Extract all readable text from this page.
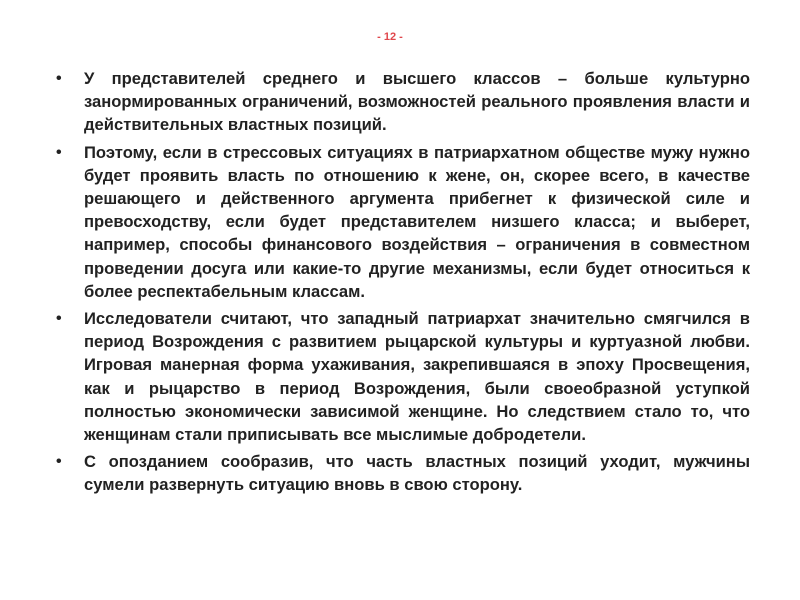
- 12 -
• У представителей среднего и высшего классов – больше культурно занормированных ограничений, возможностей реального проявления власти и действительных властных позиций.
• Поэтому, если в стрессовых ситуациях в патриархатном обществе мужу нужно будет проявить власть по отношению к жене, он, скорее всего, в качестве решающего и действенного аргумента прибегнет к физической силе и превосходству, если будет представителем низшего класса; и выберет, например, способы финансового воздействия – ограничения в совместном проведении досуга или какие-то другие механизмы, если будет относиться к более респектабельным классам.
• Исследователи считают, что западный патриархат значительно смягчился в период Возрождения с развитием рыцарской культуры и куртуазной любви. Игровая манерная форма ухаживания, закрепившаяся в эпоху Просвещения, как и рыцарство в период Возрождения, были своеобразной уступкой полностью экономически зависимой женщине. Но следствием стало то, что женщинам стали приписывать все мыслимые добродетели.
• С опозданием сообразив, что часть властных позиций уходит, мужчины сумели развернуть ситуацию вновь в свою сторону.
